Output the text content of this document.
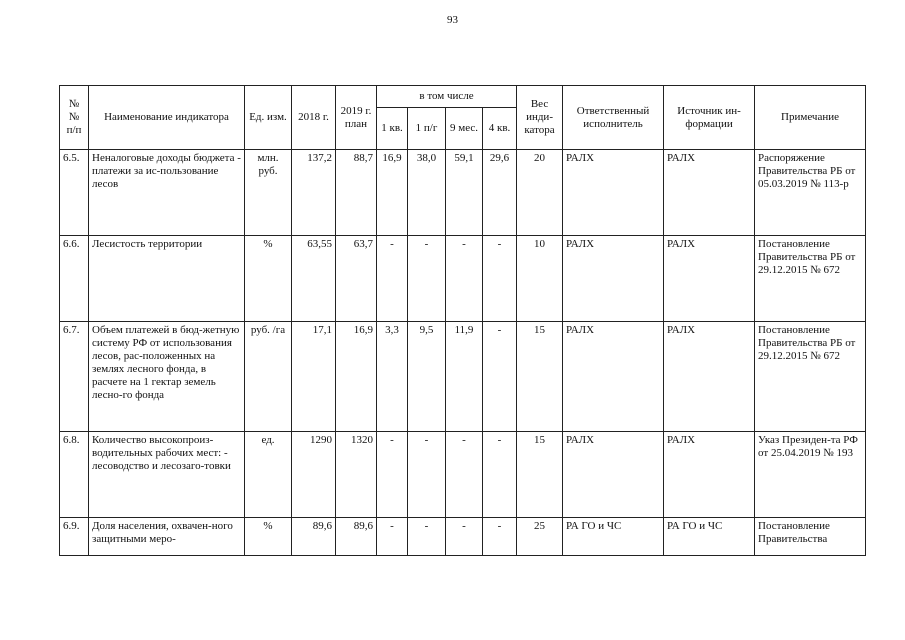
93
№
№
п/п	Наименование индикатора	Ед. изм.	2018 г.	2019 г. план	в том числе				Вес инди-катора	Ответственный исполнитель	Источник ин-формации	Примечание
					1 кв.	1 п/г	9 мес.	4 кв.				
6.5.	Неналоговые доходы бюджета - платежи за ис-пользование лесов	млн. руб.	137,2	88,7	16,9	38,0	59,1	29,6	20	РАЛХ	РАЛХ	Распоряжение Правительства РБ от 05.03.2019 № 113-р
6.6.	Лесистость территории	%	63,55	63,7	-	-	-	-	10	РАЛХ	РАЛХ	Постановление Правительства РБ от 29.12.2015 № 672
6.7.	Объем платежей в бюд-жетную систему РФ от использования лесов, рас-положенных на землях лесного фонда, в расчете на 1 гектар земель лесно-го фонда	руб. /га	17,1	16,9	3,3	9,5	11,9	-	15	РАЛХ	РАЛХ	Постановление Правительства РБ от 29.12.2015 № 672
6.8.	Количество высокопроиз-водительных рабочих мест: - лесоводство и лесозаго-товки	ед.	1290	1320	-	-	-	-	15	РАЛХ	РАЛХ	Указ Президен-та РФ от 25.04.2019 № 193
6.9.	Доля населения, охвачен-ного защитными меро-	%	89,6	89,6	-	-	-	-	25	РА ГО и ЧС	РА ГО и ЧС	Постановление Правительства
